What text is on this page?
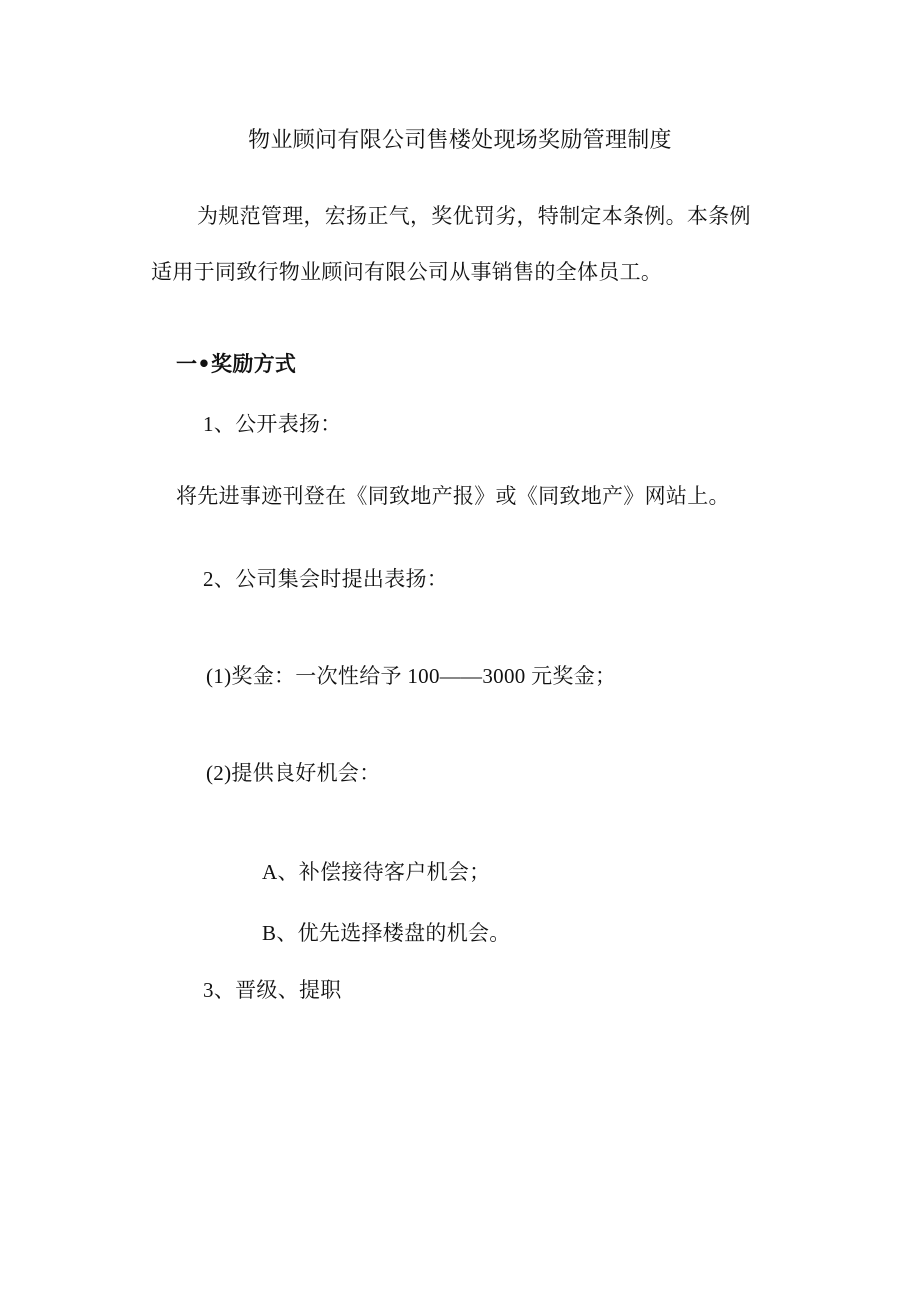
物业顾问有限公司售楼处现场奖励管理制度
为规范管理，宏扬正气，奖优罚劣，特制定本条例。本条例
适用于同致行物业顾问有限公司从事销售的全体员工。
一•奖励方式
1、公开表扬：
将先进事迹刊登在《同致地产报》或《同致地产》网站上。
2、公司集会时提出表扬：
(1)奖金：一次性给予 100——3000 元奖金；
(2)提供良好机会：
A、补偿接待客户机会；
B、优先选择楼盘的机会。
3、晋级、提职
